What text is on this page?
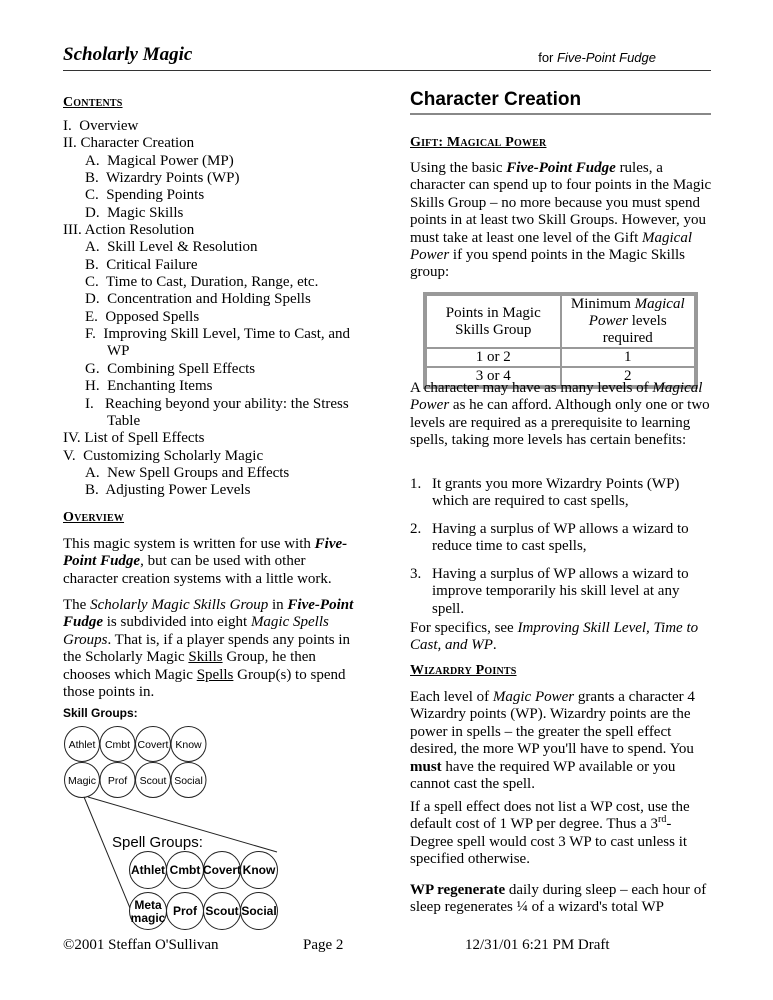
Scholarly Magic	for Five-Point Fudge
Contents
I.  Overview
II. Character Creation
A.  Magical Power (MP)
B.  Wizardry Points (WP)
C.  Spending Points
D.  Magic Skills
III. Action Resolution
A.  Skill Level & Resolution
B.  Critical Failure
C.  Time to Cast, Duration, Range, etc.
D.  Concentration and Holding Spells
E.  Opposed Spells
F.  Improving Skill Level, Time to Cast, and
WP
G.  Combining Spell Effects
H.  Enchanting Items
I.   Reaching beyond your ability: the Stress
Table
IV. List of Spell Effects
V.  Customizing Scholarly Magic
A.  New Spell Groups and Effects
B.  Adjusting Power Levels
Overview
This magic system is written for use with Five-Point Fudge, but can be used with other character creation systems with a little work.
The Scholarly Magic Skills Group in Five-Point Fudge is subdivided into eight Magic Spells Groups. That is, if a player spends any points in the Scholarly Magic Skills Group, he then chooses which Magic Spells Group(s) to spend those points in.
Skill Groups:
Spell Groups:
Athlet Cmbt Covert Know
Magic Prof Scout Social
Athlet Cmbt Covert Know
Meta
magic Prof Scout Social
Character Creation
Gift: Magical Power
Using the basic Five-Point Fudge rules, a character can spend up to four points in the Magic Skills Group – no more because you must spend points in at least two Skill Groups. However, you must take at least one level of the Gift Magical Power if you spend points in the Magic Skills group:
Points in Magic Skills Group	Minimum Magical Power levels required
1 or 2	1
3 or 4	2
A character may have as many levels of Magical Power as he can afford. Although only one or two levels are required as a prerequisite to learning spells, taking more levels has certain benefits:
1. It grants you more Wizardry Points (WP) which are required to cast spells,
2. Having a surplus of WP allows a wizard to reduce time to cast spells,
3. Having a surplus of WP allows a wizard to improve temporarily his skill level at any spell.
For specifics, see Improving Skill Level, Time to Cast, and WP.
Wizardry Points
Each level of Magic Power grants a character 4 Wizardry points (WP). Wizardry points are the power in spells – the greater the spell effect desired, the more WP you'll have to spend. You must have the required WP available or you cannot cast the spell.
If a spell effect does not list a WP cost, use the default cost of 1 WP per degree. Thus a 3rd-Degree spell would cost 3 WP to cast unless it specified otherwise.
WP regenerate daily during sleep – each hour of sleep regenerates ¼ of a wizard's total WP
©2001 Steffan O'Sullivan	Page 2	12/31/01 6:21 PM Draft
